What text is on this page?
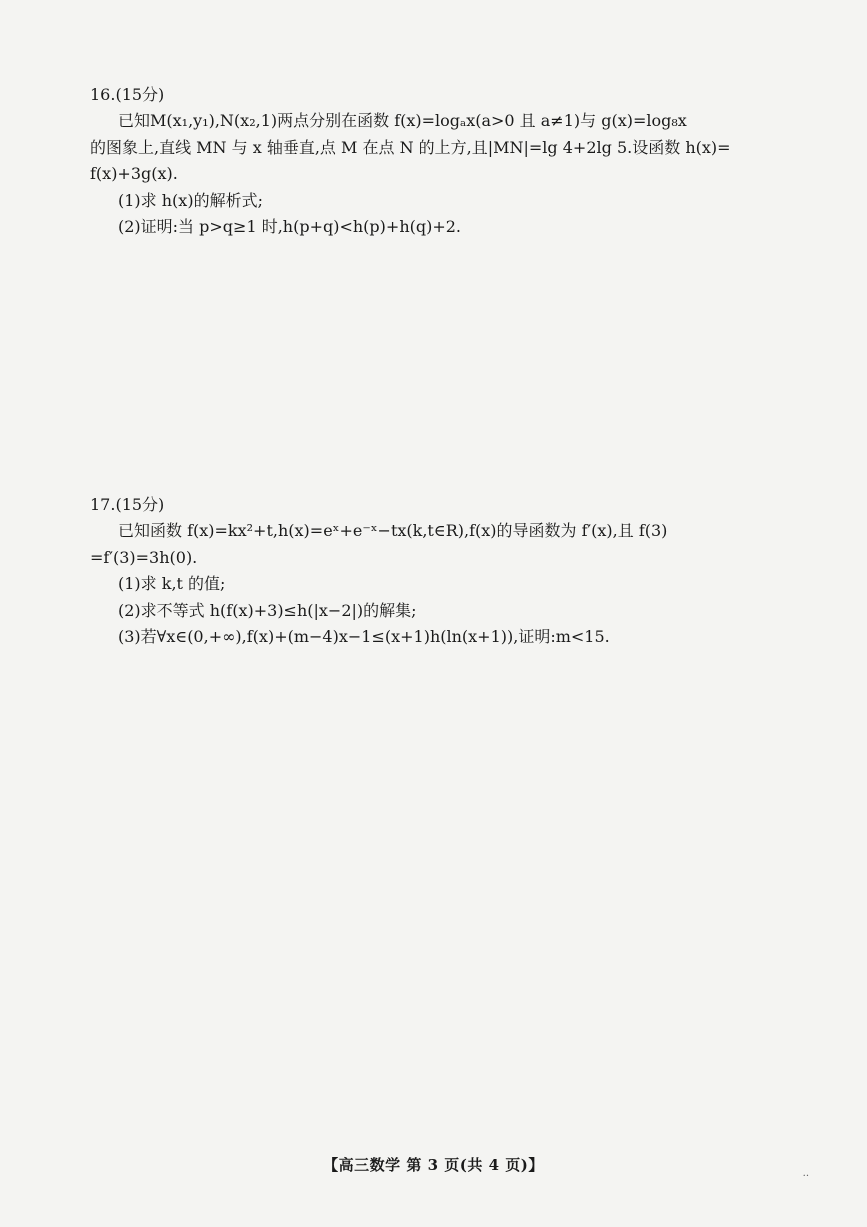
16.(15分)
已知M(x₁,y₁),N(x₂,1)两点分别在函数 f(x)=logₐx(a>0 且 a≠1)与 g(x)=log₈x
的图象上,直线 MN 与 x 轴垂直,点 M 在点 N 的上方,且|MN|=lg 4+2lg 5.设函数 h(x)=
f(x)+3g(x).
(1)求 h(x)的解析式;
(2)证明:当 p>q≥1 时,h(p+q)<h(p)+h(q)+2.
17.(15分)
已知函数 f(x)=kx²+t,h(x)=eˣ+e⁻ˣ−tx(k,t∈R),f(x)的导函数为 f′(x),且 f(3)
=f′(3)=3h(0).
(1)求 k,t 的值;
(2)求不等式 h(f(x)+3)≤h(|x−2|)的解集;
(3)若∀x∈(0,+∞),f(x)+(m−4)x−1≤(x+1)h(ln(x+1)),证明:m<15.
【高三数学 第 3 页(共 4 页)】	..
